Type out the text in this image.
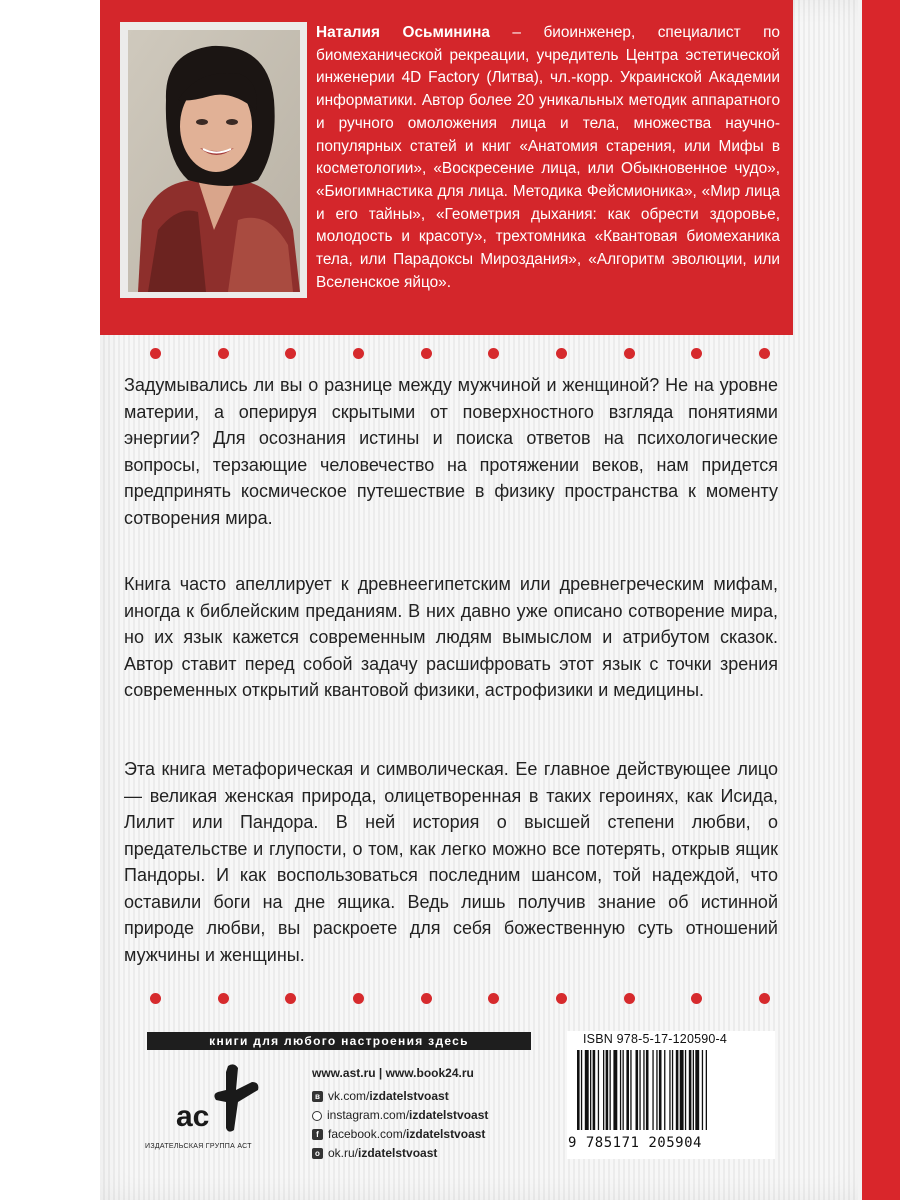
Наталия Осьминина – биоинженер, специалист по биомеханической рекреации, учредитель Центра эстетической инженерии 4D Factory (Литва), чл.-корр. Украинской Академии информатики. Автор более 20 уникальных методик аппаратного и ручного омоложения лица и тела, множества научно-популярных статей и книг «Анатомия старения, или Мифы в косметологии», «Воскресение лица, или Обыкновенное чудо», «Биогимнастика для лица. Методика Фейсмионика», «Мир лица и его тайны», «Геометрия дыхания: как обрести здоровье, молодость и красоту», трехтомника «Квантовая биомеханика тела, или Парадоксы Мироздания», «Алгоритм эволюции, или Вселенское яйцо».

Задумывались ли вы о разнице между мужчиной и женщиной? Не на уровне материи, а оперируя скрытыми от поверхностного взгляда понятиями энергии? Для осознания истины и поиска ответов на психологические вопросы, терзающие человечество на протяжении веков, нам придется предпринять космическое путешествие в физику пространства к моменту сотворения мира.

Книга часто апеллирует к древнеегипетским или древнегреческим мифам, иногда к библейским преданиям. В них давно уже описано сотворение мира, но их язык кажется современным людям вымыслом и атрибутом сказок. Автор ставит перед собой задачу расшифровать этот язык с точки зрения современных открытий квантовой физики, астрофизики и медицины.

Эта книга метафорическая и символическая. Ее главное действующее лицо — великая женская природа, олицетворенная в таких героинях, как Исида, Лилит или Пандора. В ней история о высшей степени любви, о предательстве и глупости, о том, как легко можно все потерять, открыв ящик Пандоры. И как воспользоваться последним шансом, той надеждой, что оставили боги на дне ящика. Ведь лишь получив знание об истинной природе любви, вы раскроете для себя божественную суть отношений мужчины и женщины.

книги для любого настроения здесь
ас
ИЗДАТЕЛЬСКАЯ ГРУППА АСТ
www.ast.ru | www.book24.ru
в vk.com/ izdatelstvoast
instagram.com/ izdatelstvoast
f facebook.com/ izdatelstvoast
о ok.ru/ izdatelstvoast
ISBN 978-5-17-120590-4
9 785171 205904
